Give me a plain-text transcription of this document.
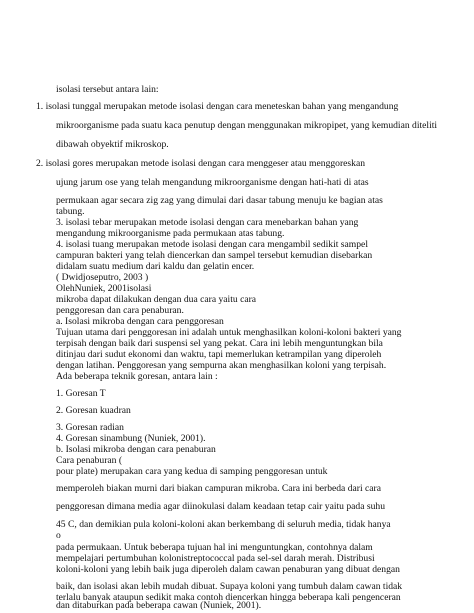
isolasi tersebut antara lain:
1. isolasi tunggal merupakan metode isolasi dengan cara meneteskan bahan yang mengandung
mikroorganisme pada suatu kaca penutup dengan menggunakan mikropipet, yang kemudian diteliti
dibawah obyektif mikroskop.
2. isolasi gores merupakan metode isolasi dengan cara menggeser atau menggoreskan
ujung jarum ose yang telah mengandung mikroorganisme dengan hati-hati di atas
permukaan agar secara zig zag yang dimulai dari dasar tabung menuju ke bagian atas
tabung.
3. isolasi tebar merupakan metode isolasi dengan cara menebarkan bahan yang
mengandung mikroorganisme pada permukaan atas tabung.
4. isolasi tuang merupakan metode isolasi dengan cara mengambil sedikit sampel
campuran bakteri yang telah diencerkan dan sampel tersebut kemudian disebarkan
didalam suatu medium dari kaldu dan gelatin encer.
( Dwidjoseputro, 2003 )
OlehNuniek, 2001isolasi
mikroba dapat dilakukan dengan dua cara yaitu cara
penggoresan dan cara penaburan.
a. Isolasi mikroba dengan cara penggoresan
Tujuan utama dari penggoresan ini adalah untuk menghasilkan koloni-koloni bakteri yang
terpisah dengan baik dari suspensi sel yang pekat. Cara ini lebih menguntungkan bila
ditinjau dari sudut ekonomi dan waktu, tapi memerlukan ketrampilan yang diperoleh
dengan latihan. Penggoresan yang sempurna akan menghasilkan koloni yang terpisah.
Ada beberapa teknik goresan, antara lain :
1. Goresan T
2. Goresan kuadran
3. Goresan radian
4. Goresan sinambung (Nuniek, 2001).
b. Isolasi mikroba dengan cara penaburan
Cara penaburan (
pour plate) merupakan cara yang kedua di samping penggoresan untuk
memperoleh biakan murni dari biakan campuran mikroba. Cara ini berbeda dari cara
penggoresan dimana media agar diinokulasi dalam keadaan tetap cair yaitu pada suhu
45 C, dan demikian pula koloni-koloni akan berkembang di seluruh media, tidak hanya
o
pada permukaan. Untuk beberapa tujuan hal ini menguntungkan, contohnya dalam
mempelajari pertumbuhan kolonistreptococcal pada sel-sel darah merah. Distribusi
koloni-koloni yang lebih baik juga diperoleh dalam cawan penaburan yang dibuat dengan
baik, dan isolasi akan lebih mudah dibuat. Supaya koloni yang tumbuh dalam cawan tidak
terlalu banyak ataupun sedikit maka contoh diencerkan hingga beberapa kali pengenceran
dan ditaburkan pada beberapa cawan (Nuniek, 2001).
